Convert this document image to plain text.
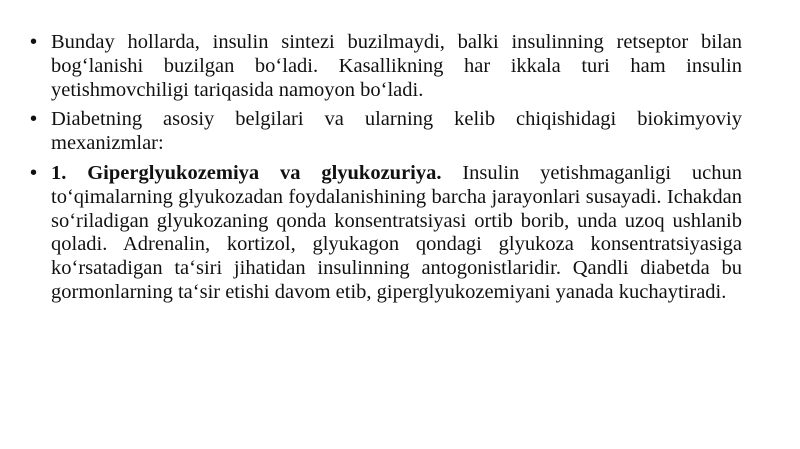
• Bunday hollarda, insulin sintezi buzilmaydi, balki insulinning retseptor bilan bog‘lanishi buzilgan bo‘ladi. Kasallikning har ikkala turi ham insulin yetishmovchiligi tariqasida namoyon bo‘ladi.
• Diabetning asosiy belgilari va ularning kelib chiqishidagi biokimyoviy mexanizmlar:
• 1. Giperglyukozemiya va glyukozuriya. Insulin yetishmaganligi uchun to‘qimalarning glyukozadan foydalanishining barcha jarayonlari susayadi. Ichakdan so‘riladigan glyukozaning qonda konsentratsiyasi ortib borib, unda uzoq ushlanib qoladi. Adrenalin, kortizol, glyukagon qondagi glyukoza konsentratsiyasiga ko‘rsatadigan ta‘siri jihatidan insulinning antogonistlaridir. Qandli diabetda bu gormonlarning ta‘sir etishi davom etib, giperglyukozemiyani yanada kuchaytiradi.
